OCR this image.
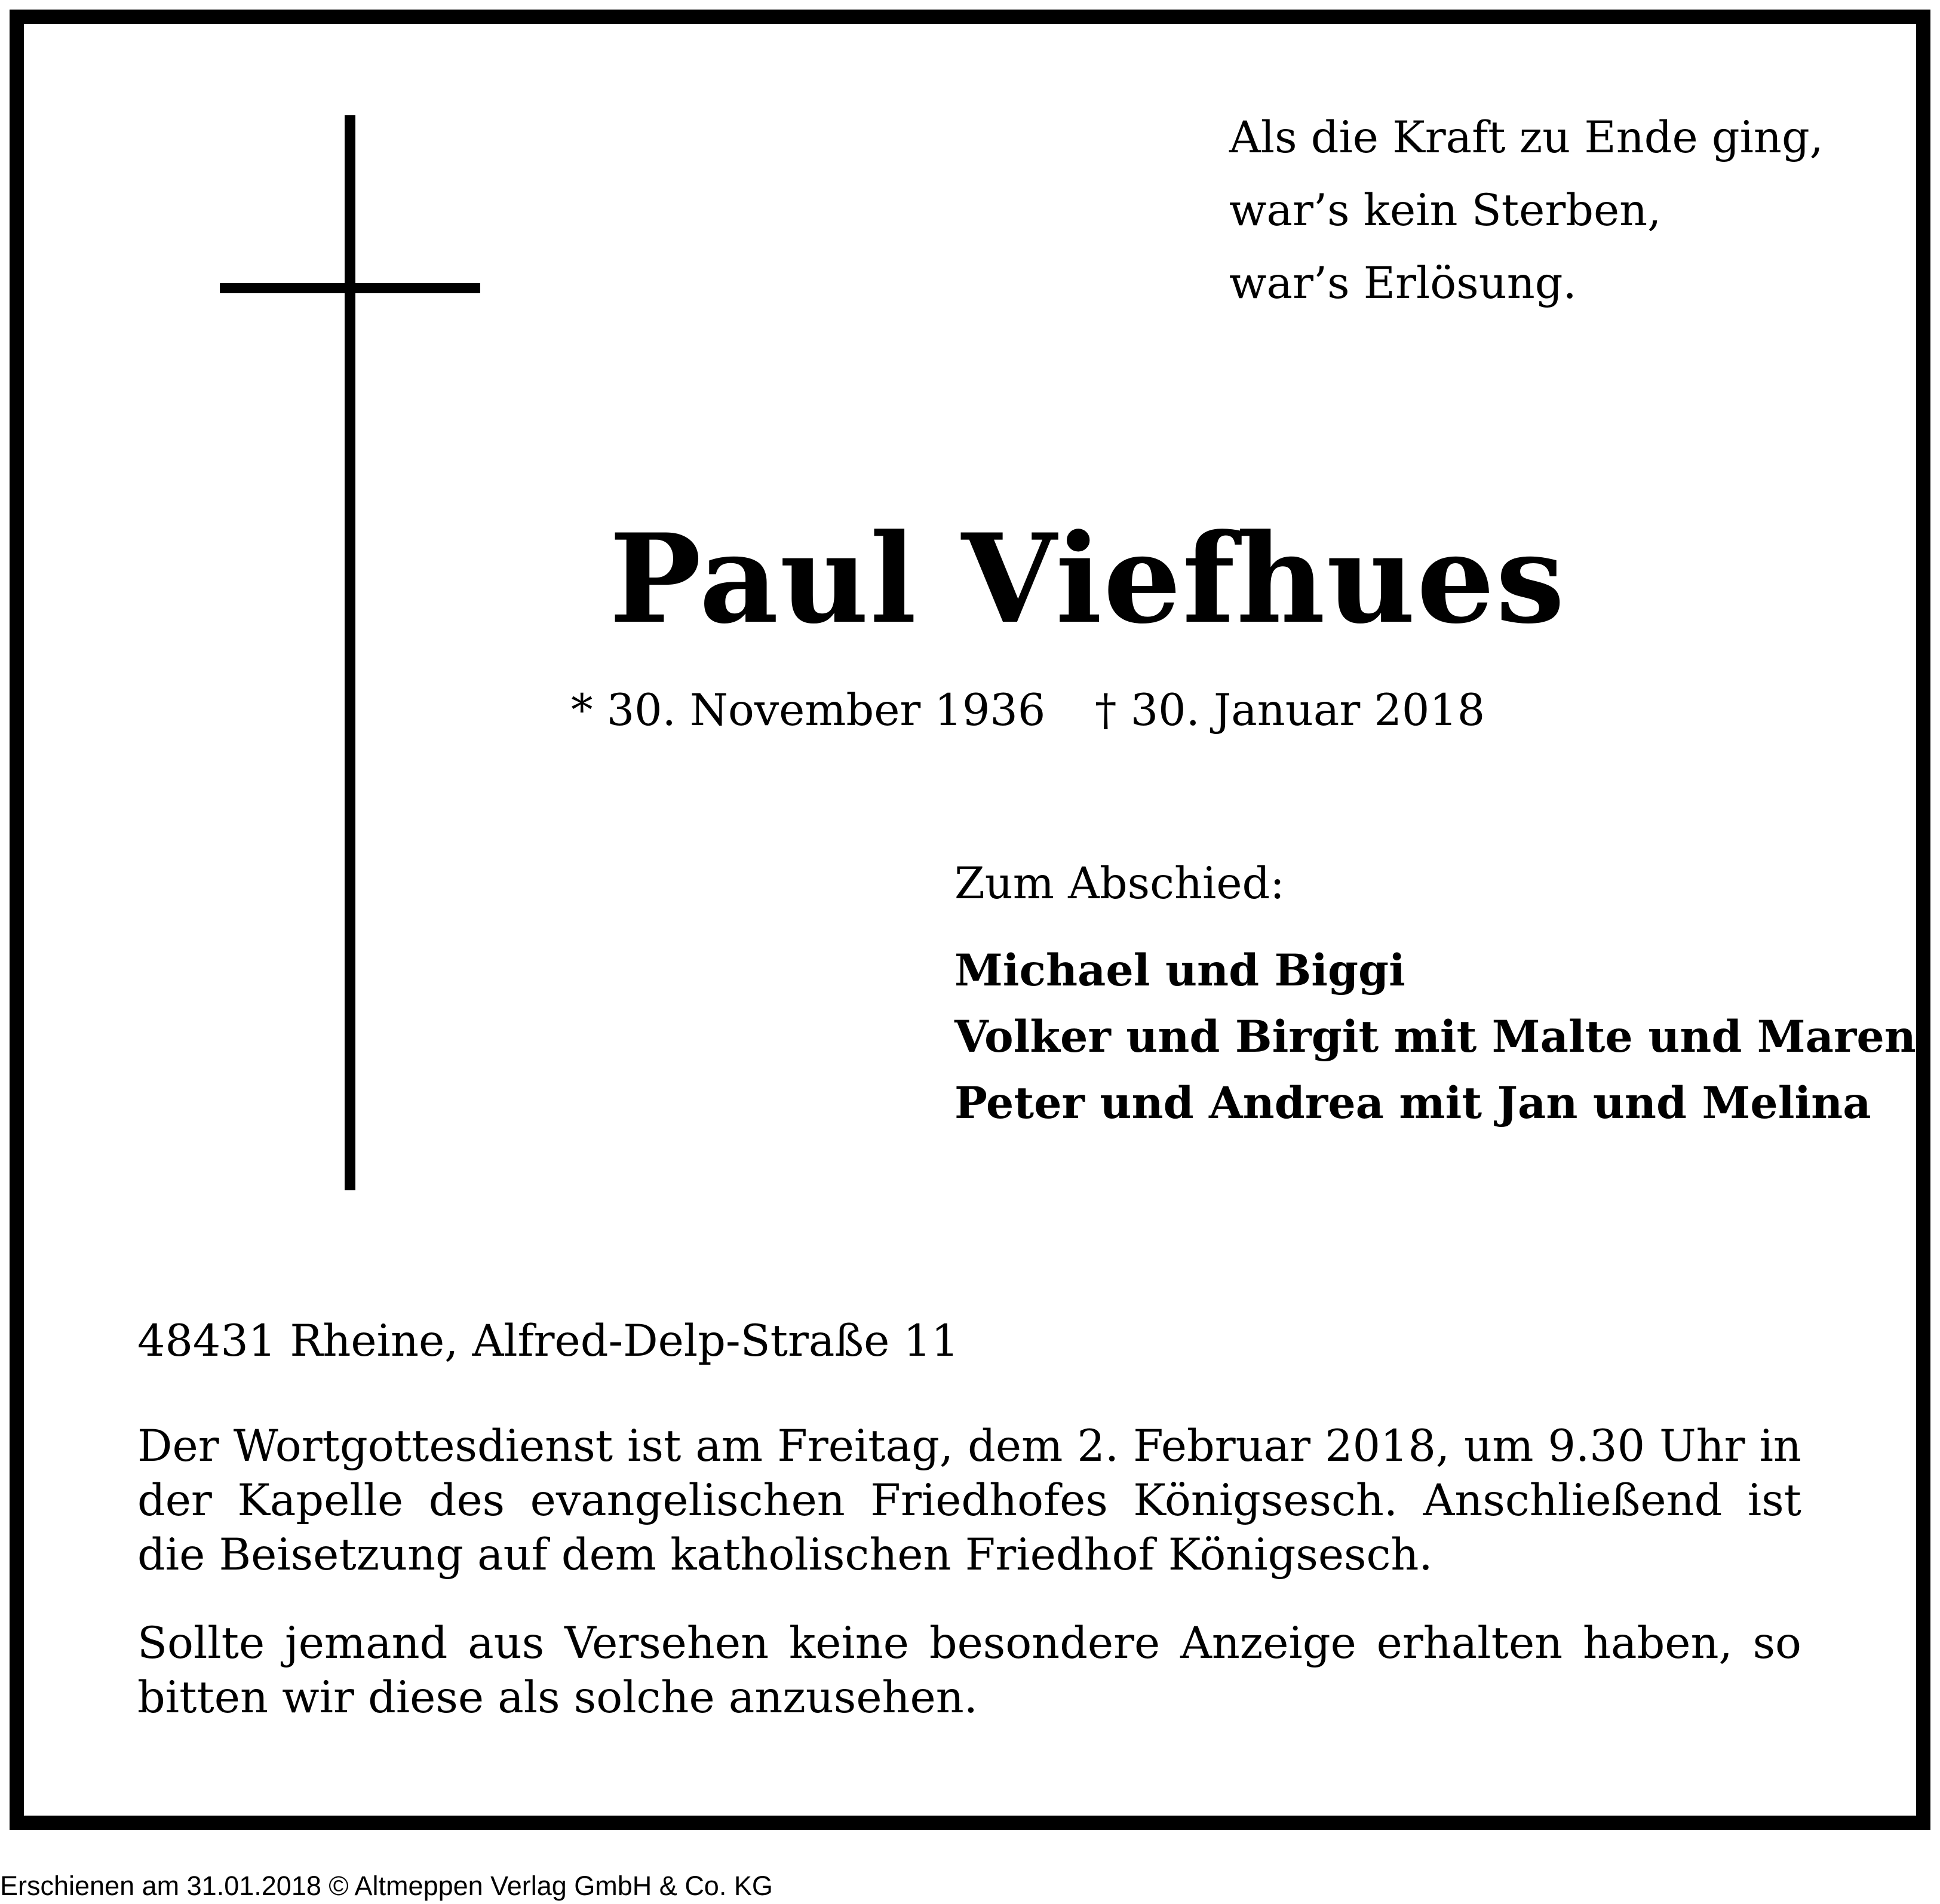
Als die Kraft zu Ende ging,
war’s kein Sterben,
war’s Erlösung.
Paul Viefhues
* 30. November 1936 † 30. Januar 2018
Zum Abschied:
Michael und Biggi
Volker und Birgit mit Malte und Maren
Peter und Andrea mit Jan und Melina
48431 Rheine, Alfred-Delp-Straße 11
Der Wortgottesdienst ist am Freitag, dem 2. Februar 2018, um 9.30 Uhr in der Kapelle des evangelischen Friedhofes Königsesch. Anschließend ist die Beisetzung auf dem katholischen Friedhof Königsesch.
Sollte jemand aus Versehen keine besondere Anzeige erhalten haben, so bitten wir diese als solche anzusehen.
Erschienen am 31.01.2018 © Altmeppen Verlag GmbH & Co. KG
